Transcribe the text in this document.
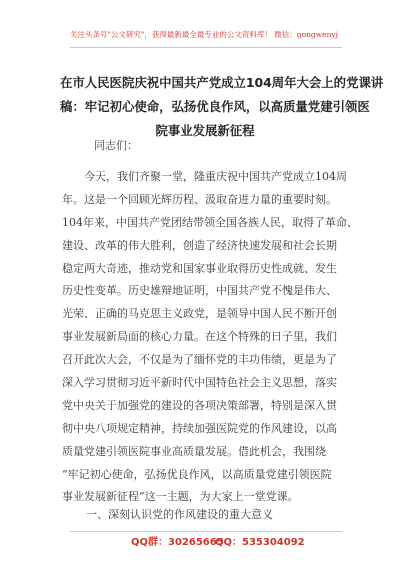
关注头条号"公文研究"，获得最新最全最专业的公文资料库！ 微信：gongwenyj
在市人民医院庆祝中国共产党成立104周年大会上的党课讲
稿：牢记初心使命，弘扬优良作风，以高质量党建引领医
院事业发展新征程
同志们：
今天，我们齐聚一堂，隆重庆祝中国共产党成立104周
年。这是一个回顾光辉历程、汲取奋进力量的重要时刻。
104年来，中国共产党团结带领全国各族人民，取得了革命、
建设、改革的伟大胜利，创造了经济快速发展和社会长期
稳定两大奇迹，推动党和国家事业取得历史性成就、发生
历史性变革。历史雄辩地证明，中国共产党不愧是伟大、
光荣、正确的马克思主义政党，是领导中国人民不断开创
事业发展新局面的核心力量。在这个特殊的日子里，我们
召开此次大会，不仅是为了缅怀党的丰功伟绩，更是为了
深入学习贯彻习近平新时代中国特色社会主义思想，落实
党中央关于加强党的建设的各项决策部署，特别是深入贯
彻中央八项规定精神，持续加强医院党的作风建设，以高
质量党建引领医院事业高质量发展。借此机会，我围绕
“牢记初心使命，弘扬优良作风，以高质量党建引领医院
事业发展新征程”这一主题，为大家上一堂党课。
一、深刻认识党的作风建设的重大意义
QQ群：30265665
QQ：535304092
